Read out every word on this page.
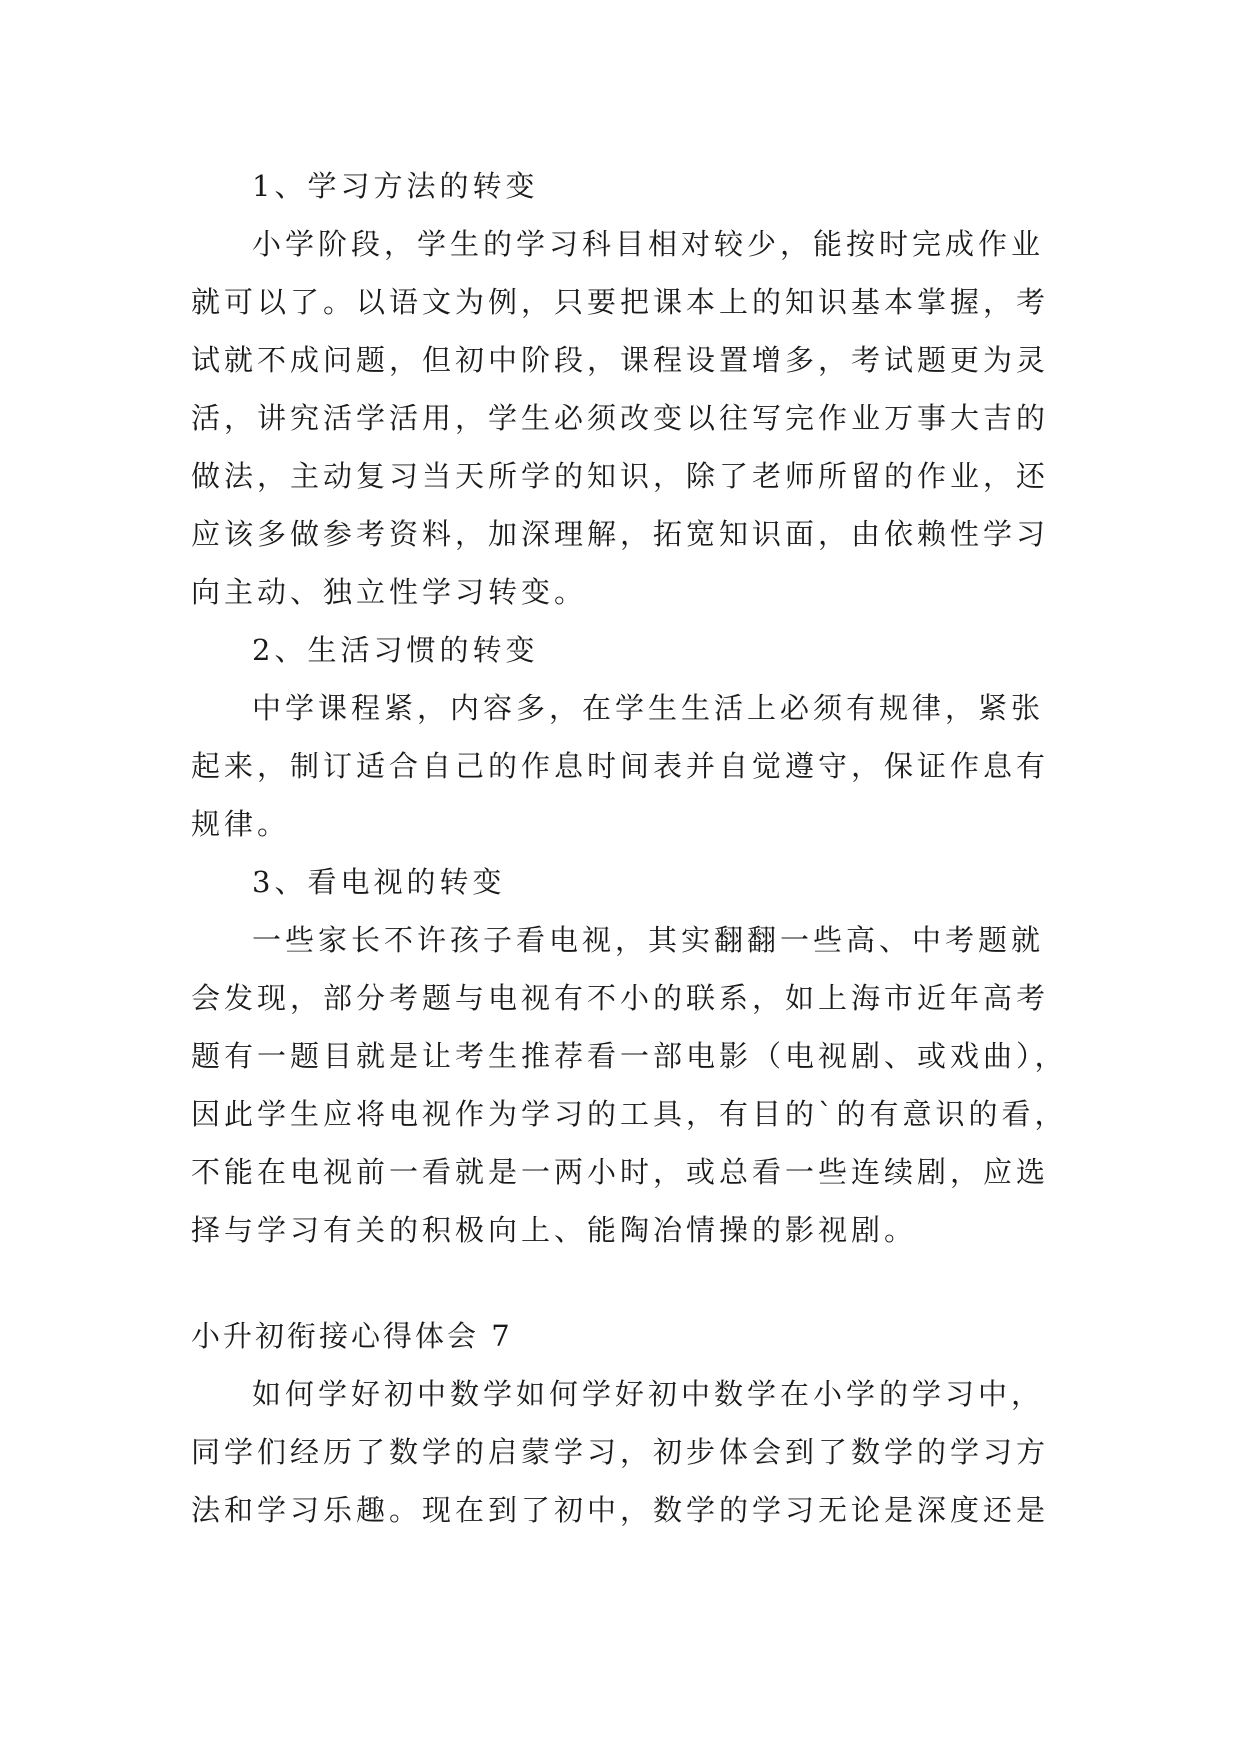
1、学习方法的转变
小学阶段，学生的学习科目相对较少，能按时完成作业
就可以了。以语文为例，只要把课本上的知识基本掌握，考
试就不成问题，但初中阶段，课程设置增多，考试题更为灵
活，讲究活学活用，学生必须改变以往写完作业万事大吉的
做法，主动复习当天所学的知识，除了老师所留的作业，还
应该多做参考资料，加深理解，拓宽知识面，由依赖性学习
向主动、独立性学习转变。
2、生活习惯的转变
中学课程紧，内容多，在学生生活上必须有规律，紧张
起来，制订适合自己的作息时间表并自觉遵守，保证作息有
规律。
3、看电视的转变
一些家长不许孩子看电视，其实翻翻一些高、中考题就
会发现，部分考题与电视有不小的联系，如上海市近年高考
题有一题目就是让考生推荐看一部电影（电视剧、或戏曲），
因此学生应将电视作为学习的工具，有目的`的有意识的看，
不能在电视前一看就是一两小时，或总看一些连续剧，应选
择与学习有关的积极向上、能陶冶情操的影视剧。
小升初衔接心得体会 7
如何学好初中数学如何学好初中数学在小学的学习中，
同学们经历了数学的启蒙学习，初步体会到了数学的学习方
法和学习乐趣。现在到了初中，数学的学习无论是深度还是
